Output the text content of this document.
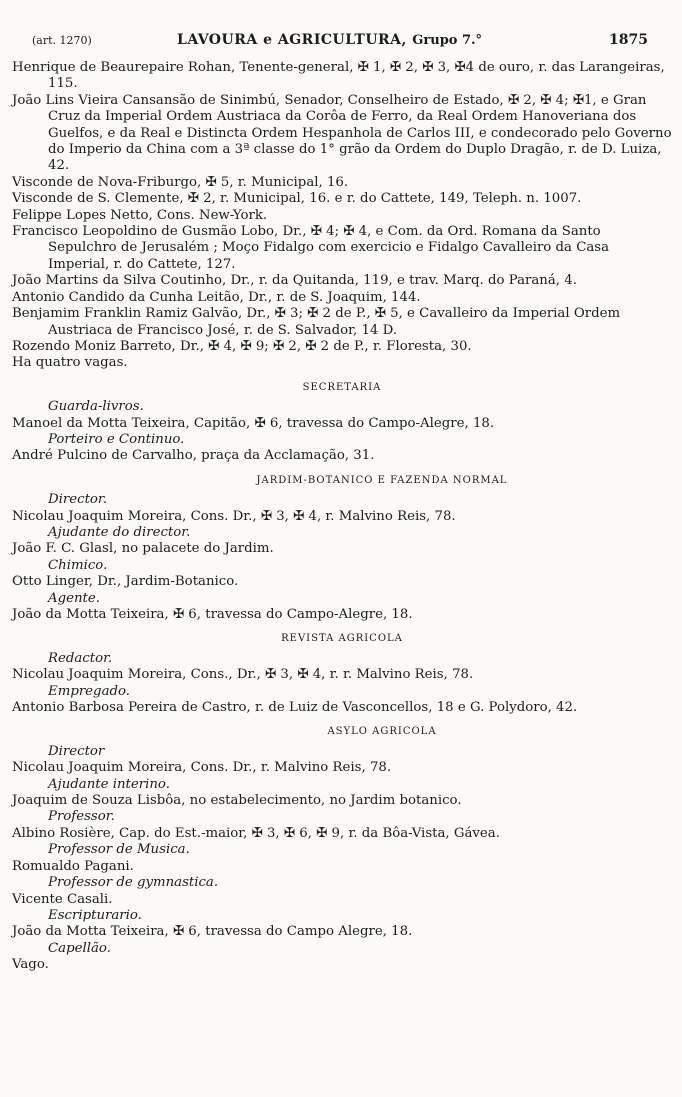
(art. 1270)	LAVOURA e AGRICULTURA, Grupo 7.°	1875

Henrique de Beaurepaire Rohan, Tenente-general, ✠ 1, ✠ 2, ✠ 3, ✠4 de ouro, r. das Larangeiras, 115.

João Lins Vieira Cansansão de Sinimbú, Senador, Conselheiro de Estado, ✠ 2, ✠ 4; ✠1, e Gran Cruz da Imperial Ordem Austriaca da Corôa de Ferro, da Real Ordem Hanoveriana dos Guelfos, e da Real e Distincta Ordem Hespanhola de Carlos III, e condecorado pelo Governo do Imperio da China com a 3ª classe do 1° grão da Ordem do Duplo Dragão, r. de D. Luiza, 42.

Visconde de Nova-Friburgo, ✠ 5, r. Municipal, 16.

Visconde de S. Clemente, ✠ 2, r. Municipal, 16. e r. do Cattete, 149, Teleph. n. 1007.

Felippe Lopes Netto, Cons. New-York.

Francisco Leopoldino de Gusmão Lobo, Dr., ✠ 4; ✠ 4, e Com. da Ord. Romana da Santo Sepulchro de Jerusalém ; Moço Fidalgo com exercicio e Fidalgo Cavalleiro da Casa Imperial, r. do Cattete, 127.

João Martins da Silva Coutinho, Dr., r. da Quitanda, 119, e trav. Marq. do Paraná, 4.

Antonio Candido da Cunha Leitão, Dr., r. de S. Joaquim, 144.

Benjamim Franklin Ramiz Galvão, Dr., ✠ 3; ✠ 2 de P., ✠ 5, e Cavalleiro da Imperial Ordem Austriaca de Francisco José, r. de S. Salvador, 14 D.

Rozendo Moniz Barreto, Dr., ✠ 4, ✠ 9; ✠ 2, ✠ 2 de P., r. Floresta, 30.

Ha quatro vagas.

SECRETARIA

Guarda-livros.

Manoel da Motta Teixeira, Capitão, ✠ 6, travessa do Campo-Alegre, 18.

Porteiro e Continuo.

André Pulcino de Carvalho, praça da Acclamação, 31.

JARDIM-BOTANICO E FAZENDA NORMAL

Director.

Nicolau Joaquim Moreira, Cons. Dr., ✠ 3, ✠ 4, r. Malvino Reis, 78.

Ajudante do director.

João F. C. Glasl, no palacete do Jardim.

Chimico.

Otto Linger, Dr., Jardim-Botanico.

Agente.

João da Motta Teixeira, ✠ 6, travessa do Campo-Alegre, 18.

REVISTA AGRICOLA

Redactor.

Nicolau Joaquim Moreira, Cons., Dr., ✠ 3, ✠ 4, r. r. Malvino Reis, 78.

Empregado.

Antonio Barbosa Pereira de Castro, r. de Luiz de Vasconcellos, 18 e G. Polydoro, 42.

ASYLO AGRICOLA

Director

Nicolau Joaquim Moreira, Cons. Dr., r. Malvino Reis, 78.

Ajudante interino.

Joaquim de Souza Lisbôa, no estabelecimento, no Jardim botanico.

Professor.

Albino Rosière, Cap. do Est.-maior, ✠ 3, ✠ 6, ✠ 9, r. da Bôa-Vista, Gávea.

Professor de Musica.

Romualdo Pagani.

Professor de gymnastica.

Vicente Casali.

Escripturario.

João da Motta Teixeira, ✠ 6, travessa do Campo Alegre, 18.

Capellão.

Vago.
